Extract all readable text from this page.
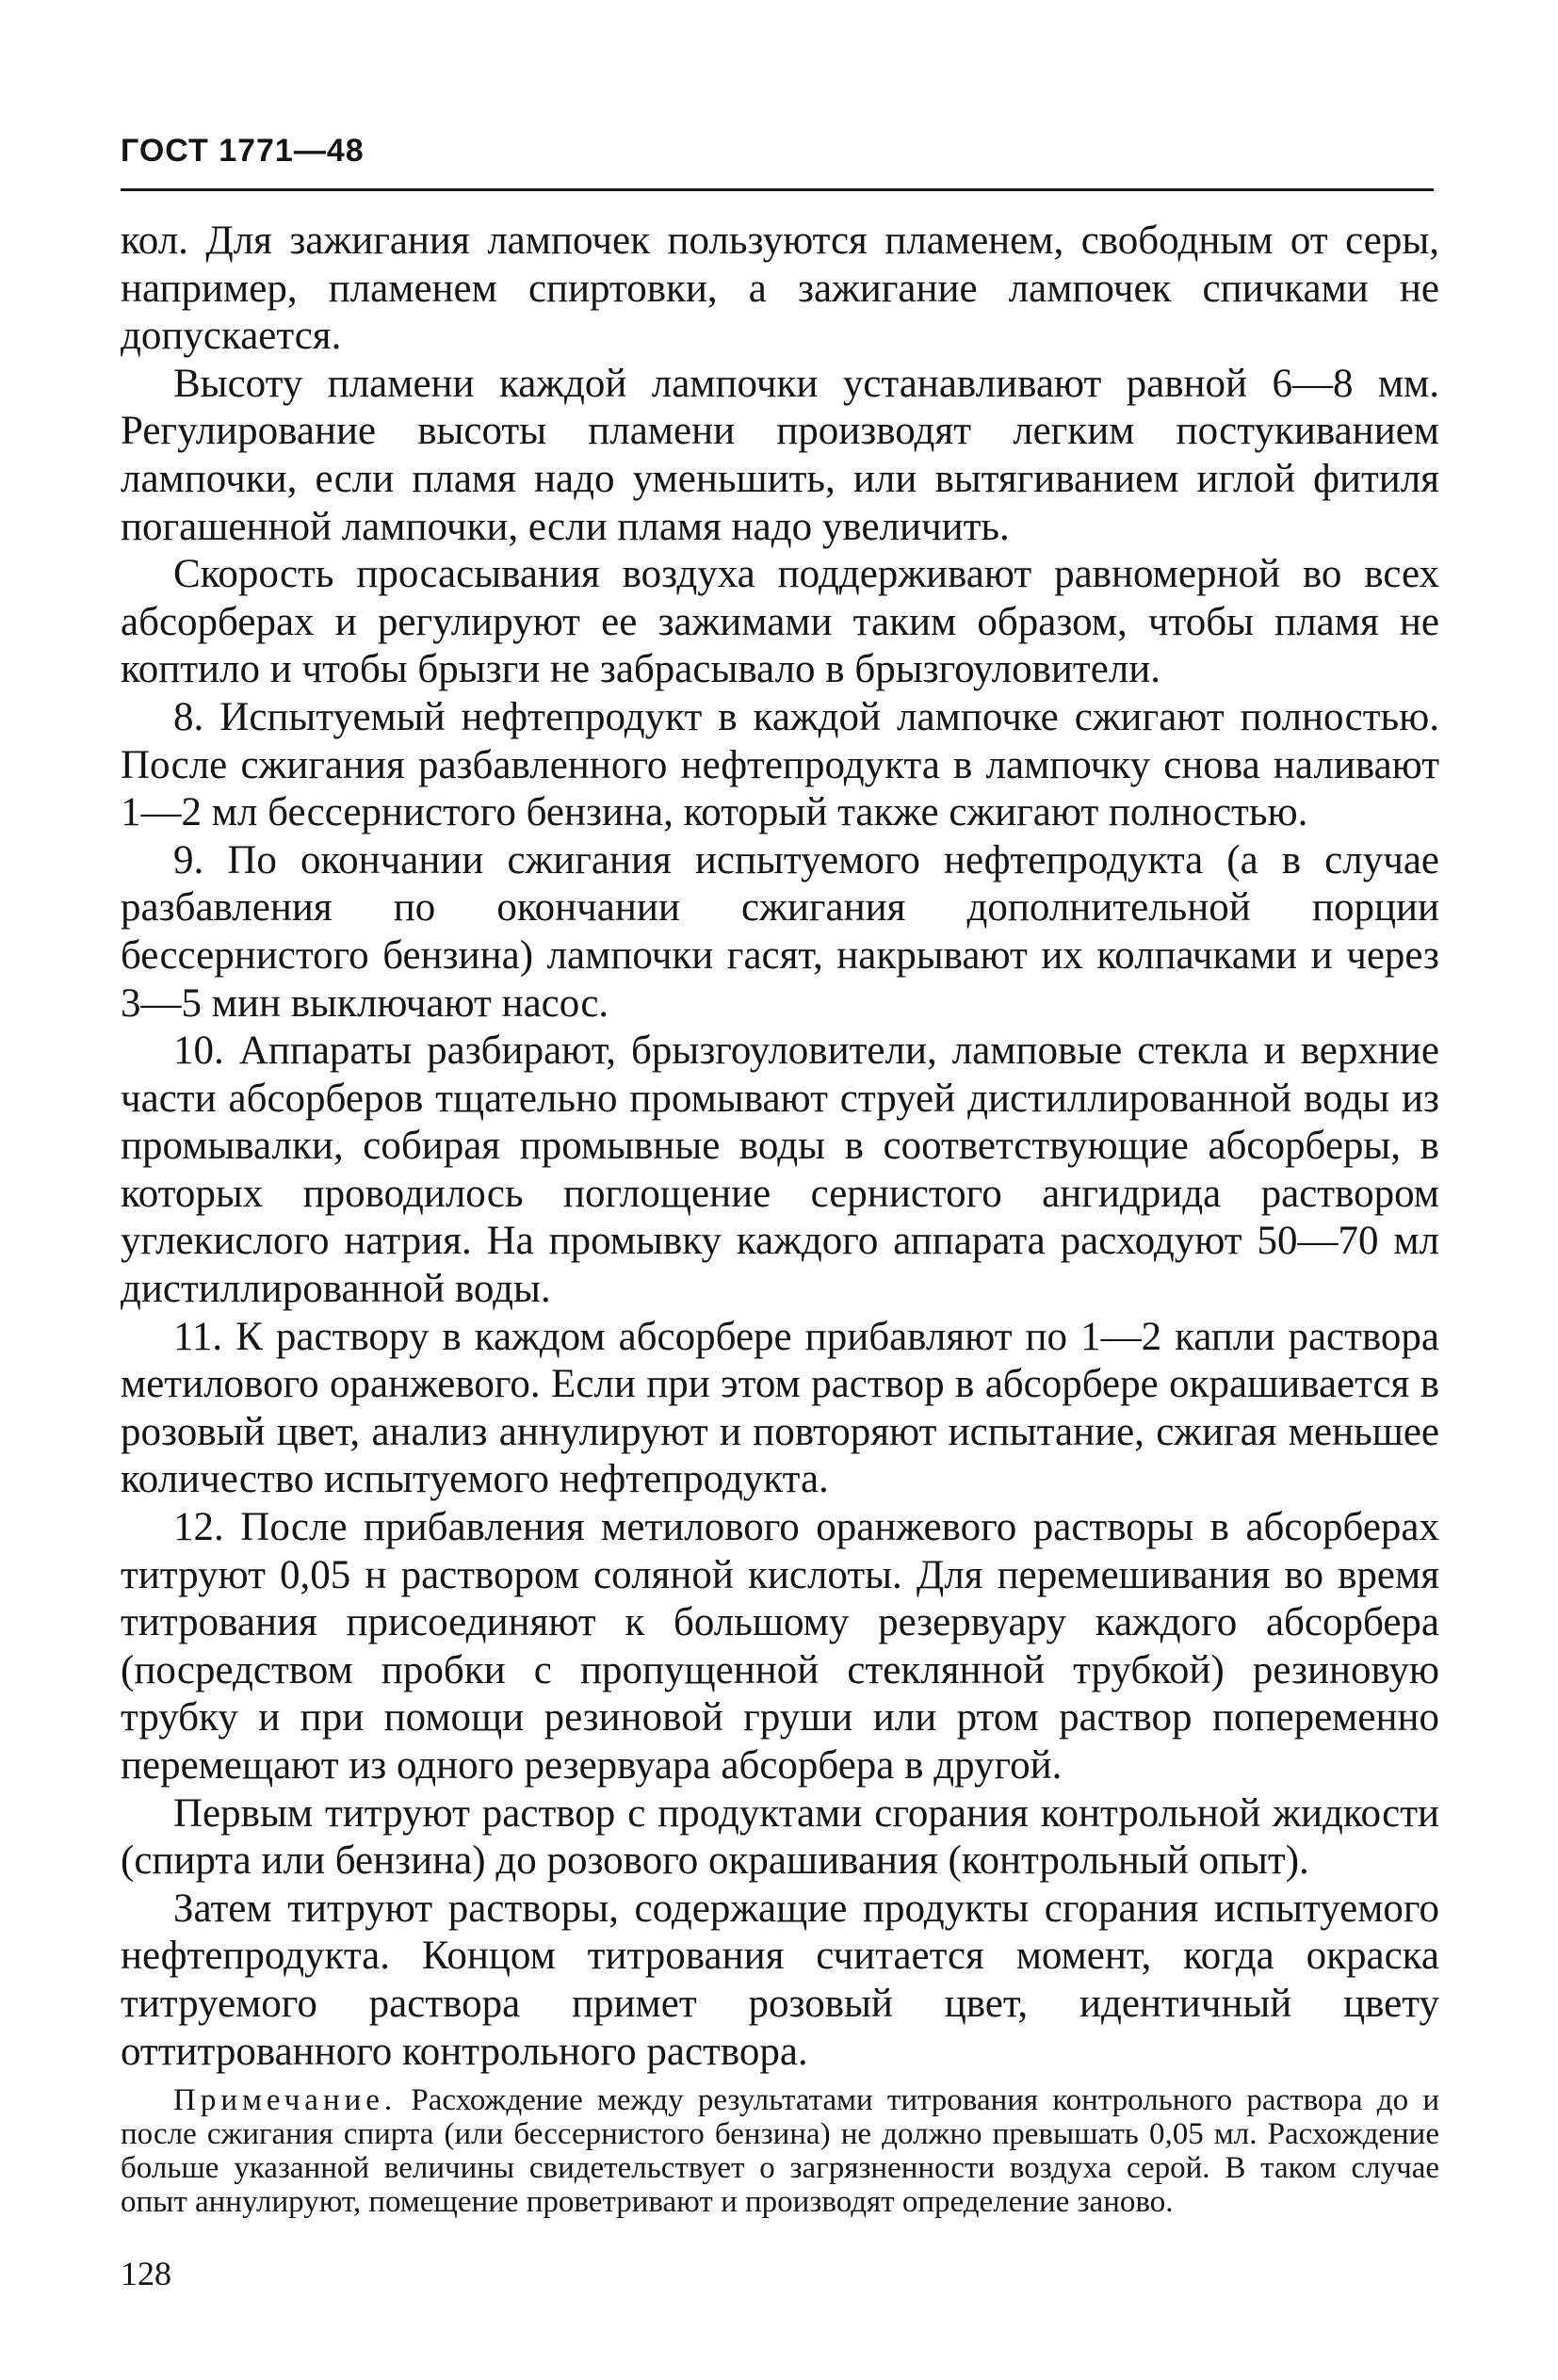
ГОСТ 1771—48

кол. Для зажигания лампочек пользуются пламенем, свободным от серы, например, пламенем спиртовки, а зажигание лампочек спичками не допускается.

Высоту пламени каждой лампочки устанавливают равной 6—8 мм. Регулирование высоты пламени производят легким постукиванием лампочки, если пламя надо уменьшить, или вытягиванием иглой фитиля погашенной лампочки, если пламя надо увеличить.

Скорость просасывания воздуха поддерживают равномерной во всех абсорберах и регулируют ее зажимами таким образом, чтобы пламя не коптило и чтобы брызги не забрасывало в брызгоуловители.

8. Испытуемый нефтепродукт в каждой лампочке сжигают полностью. После сжигания разбавленного нефтепродукта в лампочку снова наливают 1—2 мл бессернистого бензина, который также сжигают полностью.

9. По окончании сжигания испытуемого нефтепродукта (а в случае разбавления по окончании сжигания дополнительной порции бессернистого бензина) лампочки гасят, накрывают их колпачками и через 3—5 мин выключают насос.

10. Аппараты разбирают, брызгоуловители, ламповые стекла и верхние части абсорберов тщательно промывают струей дистиллированной воды из промывалки, собирая промывные воды в соответствующие абсорберы, в которых проводилось поглощение сернистого ангидрида раствором углекислого натрия. На промывку каждого аппарата расходуют 50—70 мл дистиллированной воды.

11. К раствору в каждом абсорбере прибавляют по 1—2 капли раствора метилового оранжевого. Если при этом раствор в абсорбере окрашивается в розовый цвет, анализ аннулируют и повторяют испытание, сжигая меньшее количество испытуемого нефтепродукта.

12. После прибавления метилового оранжевого растворы в абсорберах титруют 0,05 н раствором соляной кислоты. Для перемешивания во время титрования присоединяют к большому резервуару каждого абсорбера (посредством пробки с пропущенной стеклянной трубкой) резиновую трубку и при помощи резиновой груши или ртом раствор попеременно перемещают из одного резервуара абсорбера в другой.

Первым титруют раствор с продуктами сгорания контрольной жидкости (спирта или бензина) до розового окрашивания (контрольный опыт).

Затем титруют растворы, содержащие продукты сгорания испытуемого нефтепродукта. Концом титрования считается момент, когда окраска титруемого раствора примет розовый цвет, идентичный цвету оттитрованного контрольного раствора.

Примечание. Расхождение между результатами титрования контрольного раствора до и после сжигания спирта (или бессернистого бензина) не должно превышать 0,05 мл. Расхождение больше указанной величины свидетельствует о загрязненности воздуха серой. В таком случае опыт аннулируют, помещение проветривают и производят определение заново.

128
